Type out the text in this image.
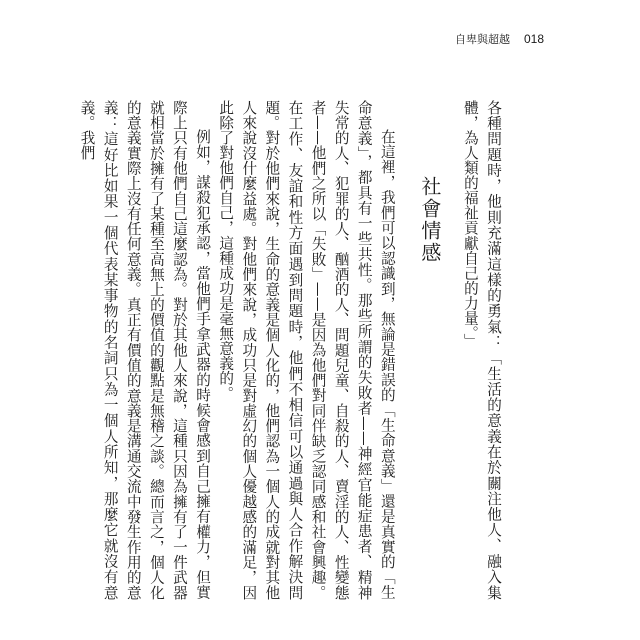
自卑與超越 018

各種問題時，他則充滿這樣的勇氣：「生活的意義在於關注他人、融入集體，為人類的福祉貢獻自己的力量。」

社會情感

在這裡，我們可以認識到，無論是錯誤的「生命意義」還是真實的「生命意義」，都具有一些共性。那些所謂的失敗者——神經官能症患者、精神失常的人、犯罪的人、酗酒的人、問題兒童、自殺的人、賣淫的人、性變態者——他們之所以「失敗」——是因為他們對同伴缺乏認同感和社會興趣。在工作、友誼和性方面遇到問題時，他們不相信可以通過與人合作解決問題。對於他們來說，生命的意義是個人化的，他們認為一個人的成就對其他人來說沒什麼益處。對他們來說，成功只是對虛幻的個人優越感的滿足，因此除了對他們自己，這種成功是毫無意義的。

例如，謀殺犯承認，當他們手拿武器的時候會感到自己擁有權力，但實際上只有他們自己這麼認為。對於其他人來說，這種只因為擁有了一件武器就相當於擁有了某種至高無上的價值的觀點是無稽之談。總而言之，個人化的意義實際上沒有任何意義。真正有價值的意義是溝通交流中發生作用的意義：這好比如果一個代表某事物的名詞只為一個人所知，那麼它就沒有意義。我們
